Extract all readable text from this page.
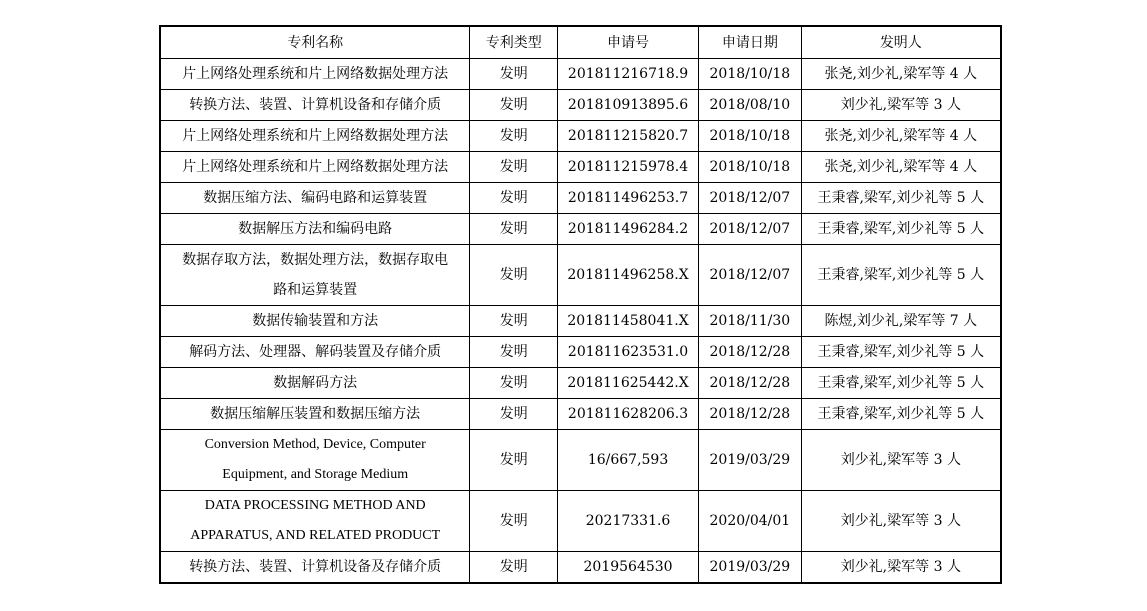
专利名称	专利类型	申请号	申请日期	发明人
片上网络处理系统和片上网络数据处理方法	发明	201811216718.9	2018/10/18	张尧,刘少礼,梁军等 4 人
转换方法、装置、计算机设备和存储介质	发明	201810913895.6	2018/08/10	刘少礼,梁军等 3 人
片上网络处理系统和片上网络数据处理方法	发明	201811215820.7	2018/10/18	张尧,刘少礼,梁军等 4 人
片上网络处理系统和片上网络数据处理方法	发明	201811215978.4	2018/10/18	张尧,刘少礼,梁军等 4 人
数据压缩方法、编码电路和运算装置	发明	201811496253.7	2018/12/07	王秉睿,梁军,刘少礼等 5 人
数据解压方法和编码电路	发明	201811496284.2	2018/12/07	王秉睿,梁军,刘少礼等 5 人

数据存取方法，数据处理方法，数据存取电
路和运算装置	发明	201811496258.X	2018/12/07	王秉睿,梁军,刘少礼等 5 人
数据传输装置和方法	发明	201811458041.X	2018/11/30	陈煜,刘少礼,梁军等 7 人
解码方法、处理器、解码装置及存储介质	发明	201811623531.0	2018/12/28	王秉睿,梁军,刘少礼等 5 人
数据解码方法	发明	201811625442.X	2018/12/28	王秉睿,梁军,刘少礼等 5 人
数据压缩解压装置和数据压缩方法	发明	201811628206.3	2018/12/28	王秉睿,梁军,刘少礼等 5 人

Conversion Method, Device, Computer
Equipment, and Storage Medium	发明	16/667,593	2019/03/29	刘少礼,梁军等 3 人

DATA PROCESSING METHOD AND
APPARATUS, AND RELATED PRODUCT	发明	20217331.6	2020/04/01	刘少礼,梁军等 3 人
转换方法、装置、计算机设备及存储介质	发明	2019564530	2019/03/29	刘少礼,梁军等 3 人
